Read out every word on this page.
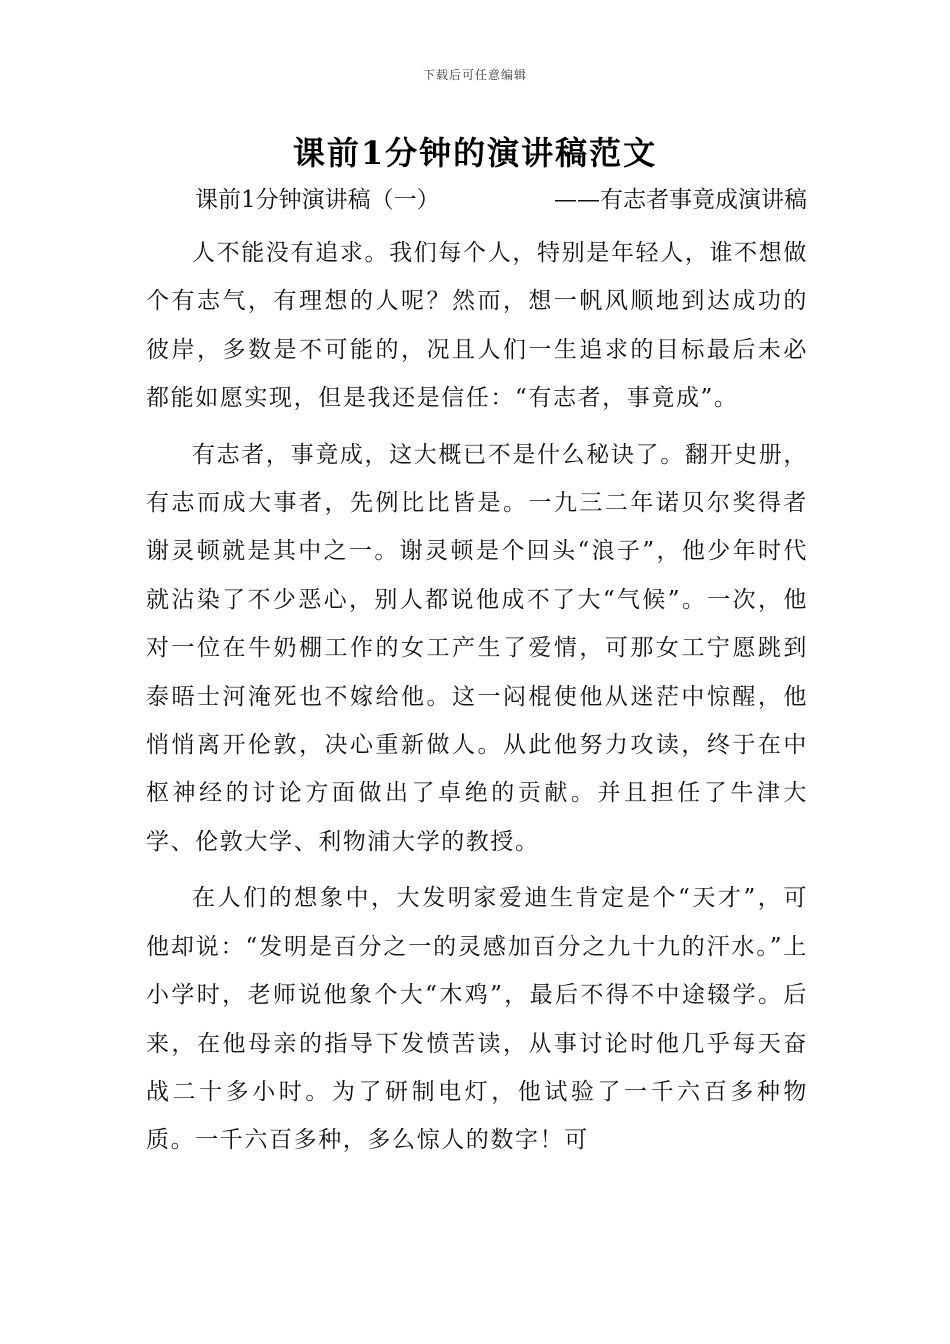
下载后可任意编辑
课前1分钟的演讲稿范文
课前1分钟演讲稿（一）	——有志者事竟成演讲稿

人不能没有追求。我们每个人，特别是年轻人，谁不想做个有志气，有理想的人呢？然而，想一帆风顺地到达成功的彼岸，多数是不可能的，况且人们一生追求的目标最后未必都能如愿实现，但是我还是信任：“有志者，事竟成”。

有志者，事竟成，这大概已不是什么秘诀了。翻开史册，有志而成大事者，先例比比皆是。一九三二年诺贝尔奖得者谢灵顿就是其中之一。谢灵顿是个回头“浪子”，他少年时代就沾染了不少恶心，别人都说他成不了大“气候”。一次，他对一位在牛奶棚工作的女工产生了爱情，可那女工宁愿跳到泰晤士河淹死也不嫁给他。这一闷棍使他从迷茫中惊醒，他悄悄离开伦敦，决心重新做人。从此他努力攻读，终于在中枢神经的讨论方面做出了卓绝的贡献。并且担任了牛津大学、伦敦大学、利物浦大学的教授。

在人们的想象中，大发明家爱迪生肯定是个“天才”，可他却说：“发明是百分之一的灵感加百分之九十九的汗水。”上小学时，老师说他象个大“木鸡”，最后不得不中途辍学。后来，在他母亲的指导下发愤苦读，从事讨论时他几乎每天奋战二十多小时。为了研制电灯，他试验了一千六百多种物质。一千六百多种，多么惊人的数字！可
